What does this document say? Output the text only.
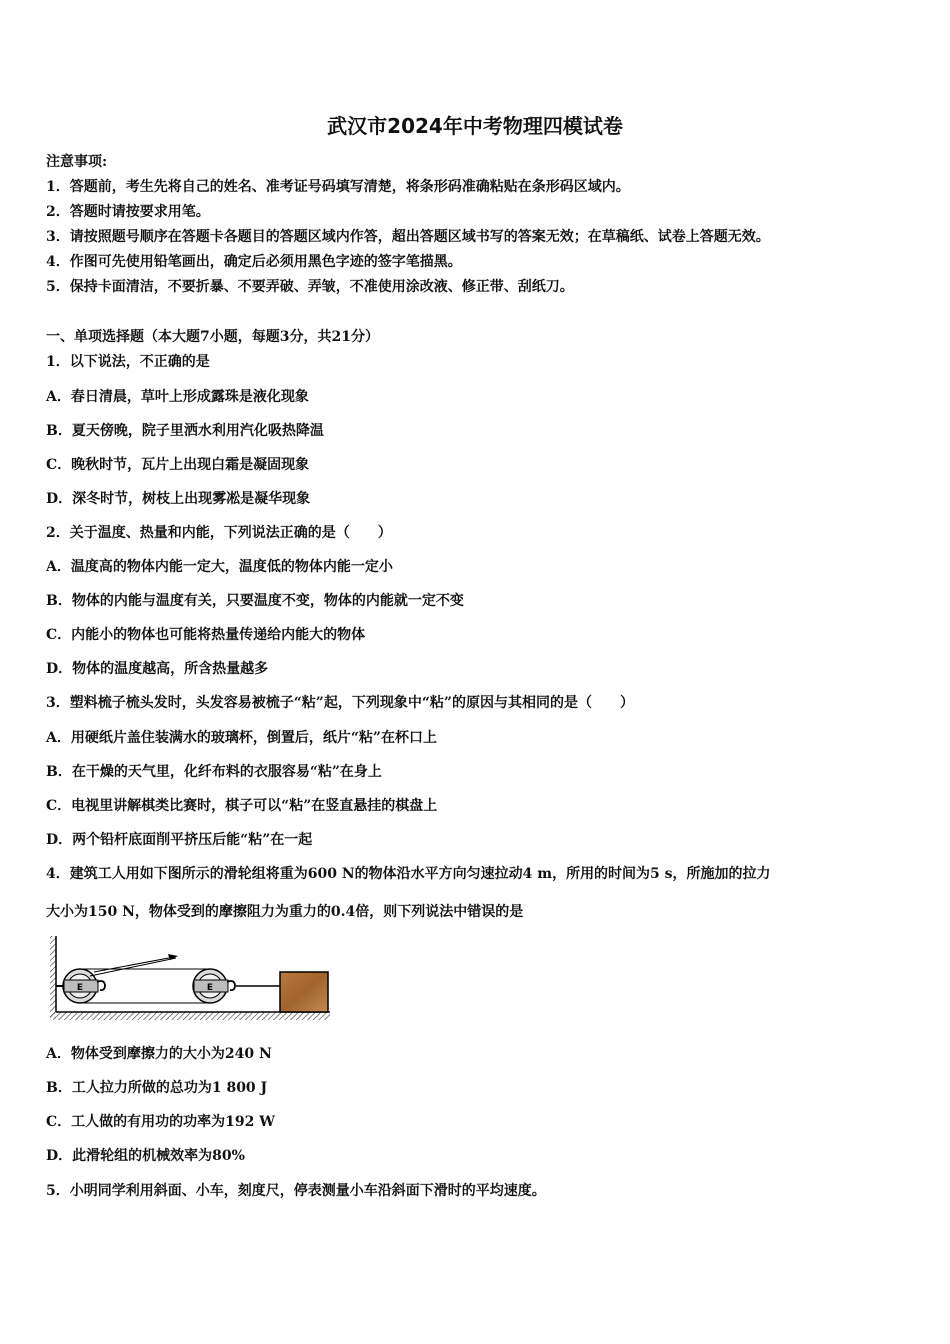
武汉市2024年中考物理四模试卷
注意事项:
1．答题前，考生先将自己的姓名、准考证号码填写清楚，将条形码准确粘贴在条形码区域内。
2．答题时请按要求用笔。
3．请按照题号顺序在答题卡各题目的答题区域内作答，超出答题区域书写的答案无效；在草稿纸、试卷上答题无效。
4．作图可先使用铅笔画出，确定后必须用黑色字迹的签字笔描黑。
5．保持卡面清洁，不要折暴、不要弄破、弄皱，不准使用涂改液、修正带、刮纸刀。
一、单项选择题（本大题7小题，每题3分，共21分）
1．以下说法，不正确的是
A．春日清晨，草叶上形成露珠是液化现象
B．夏天傍晚，院子里洒水利用汽化吸热降温
C．晚秋时节，瓦片上出现白霜是凝固现象
D．深冬时节，树枝上出现雾凇是凝华现象
2．关于温度、热量和内能，下列说法正确的是（　　）
A．温度高的物体内能一定大，温度低的物体内能一定小
B．物体的内能与温度有关，只要温度不变，物体的内能就一定不变
C．内能小的物体也可能将热量传递给内能大的物体
D．物体的温度越高，所含热量越多
3．塑料梳子梳头发时，头发容易被梳子“粘”起，下列现象中“粘”的原因与其相同的是（　　）
A．用硬纸片盖住装满水的玻璃杯，倒置后，纸片“粘”在杯口上
B．在干燥的天气里，化纤布料的衣服容易“粘”在身上
C．电视里讲解棋类比赛时，棋子可以“粘”在竖直悬挂的棋盘上
D．两个铅杆底面削平挤压后能“粘”在一起
4．建筑工人用如下图所示的滑轮组将重为600 N的物体沿水平方向匀速拉动4 m，所用的时间为5 s，所施加的拉力
大小为150 N，物体受到的摩擦阻力为重力的0.4倍，则下列说法中错误的是
E	E
A．物体受到摩擦力的大小为240 N
B．工人拉力所做的总功为1 800 J
C．工人做的有用功的功率为192 W
D．此滑轮组的机械效率为80%
5．小明同学利用斜面、小车，刻度尺，停表测量小车沿斜面下滑时的平均速度。
